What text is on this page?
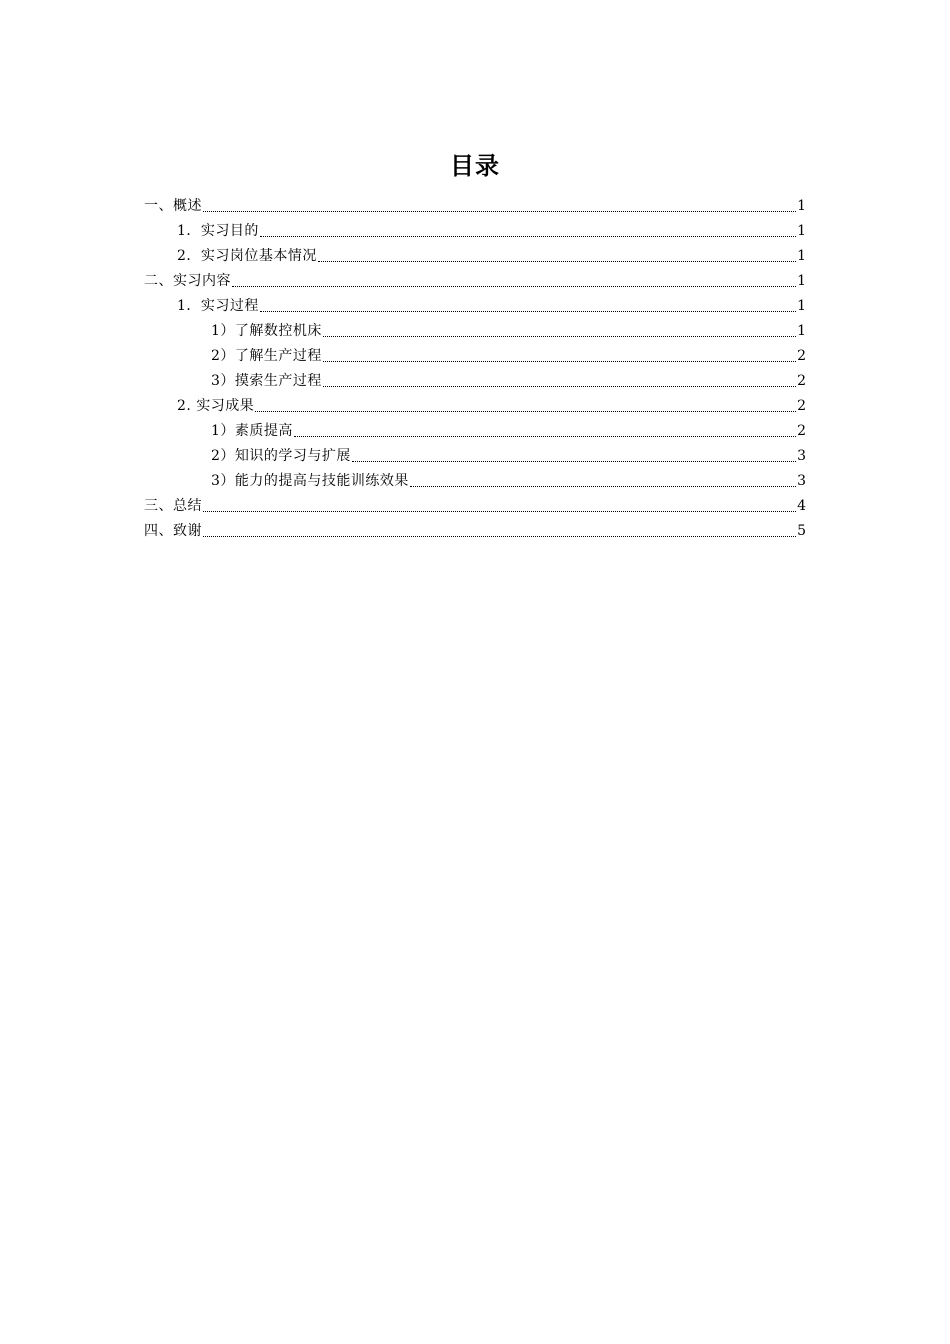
目录
一、概述	1
1．实习目的	1
2．实习岗位基本情况	1
二、实习内容	1
1．实习过程	1
1）了解数控机床	1
2）了解生产过程	2
3）摸索生产过程	2
2. 实习成果	2
1）素质提高	2
2）知识的学习与扩展	3
3）能力的提高与技能训练效果	3
三、总结	4
四、致谢	5
